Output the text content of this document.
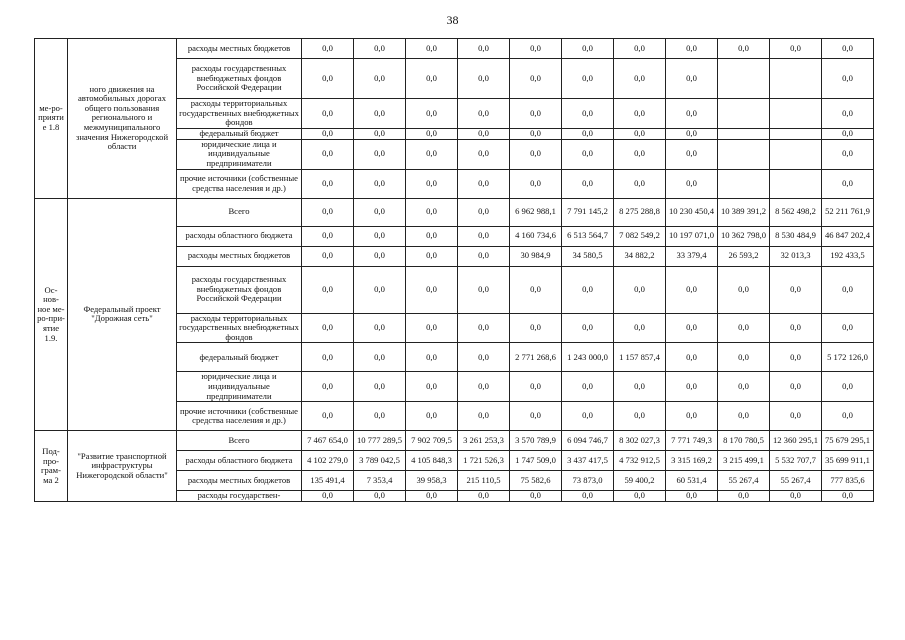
38
ме-ро-приятие 1.8	ного движения на автомобильных дорогах общего пользования регионального и межмуниципального значения Нижегородской области	расходы местных бюджетов	0,0	0,0	0,0	0,0	0,0	0,0	0,0	0,0	0,0	0,0	0,0
		расходы государственных внебюджетных фондов Российской Федерации	0,0	0,0	0,0	0,0	0,0	0,0	0,0	0,0			0,0
		расходы территориальных государственных внебюджетных фондов	0,0	0,0	0,0	0,0	0,0	0,0	0,0	0,0			0,0
		федеральный бюджет	0,0	0,0	0,0	0,0	0,0	0,0	0,0	0,0			0,0
		юридические лица и индивидуальные предприниматели	0,0	0,0	0,0	0,0	0,0	0,0	0,0	0,0			0,0
		прочие источники (собственные средства населения и др.)	0,0	0,0	0,0	0,0	0,0	0,0	0,0	0,0			0,0
Ос-нов-ное ме-ро-при-ятие 1.9.	Федеральный проект "Дорожная сеть"	Всего	0,0	0,0	0,0	0,0	6 962 988,1	7 791 145,2	8 275 288,8	10 230 450,4	10 389 391,2	8 562 498,2	52 211 761,9
		расходы областного бюджета	0,0	0,0	0,0	0,0	4 160 734,6	6 513 564,7	7 082 549,2	10 197 071,0	10 362 798,0	8 530 484,9	46 847 202,4
		расходы местных бюджетов	0,0	0,0	0,0	0,0	30 984,9	34 580,5	34 882,2	33 379,4	26 593,2	32 013,3	192 433,5
		расходы государственных внебюджетных фондов Российской Федерации	0,0	0,0	0,0	0,0	0,0	0,0	0,0	0,0	0,0	0,0	0,0
		расходы территориальных государственных внебюджетных фондов	0,0	0,0	0,0	0,0	0,0	0,0	0,0	0,0	0,0	0,0	0,0
		федеральный бюджет	0,0	0,0	0,0	0,0	2 771 268,6	1 243 000,0	1 157 857,4	0,0	0,0	0,0	5 172 126,0
		юридические лица и индивидуальные предприниматели	0,0	0,0	0,0	0,0	0,0	0,0	0,0	0,0	0,0	0,0	0,0
		прочие источники (собственные средства населения и др.)	0,0	0,0	0,0	0,0	0,0	0,0	0,0	0,0	0,0	0,0	0,0
Под-про-грам-ма 2	"Развитие транспортной инфраструктуры Нижегородской области"	Всего	7 467 654,0	10 777 289,5	7 902 709,5	3 261 253,3	3 570 789,9	6 094 746,7	8 302 027,3	7 771 749,3	8 170 780,5	12 360 295,1	75 679 295,1
		расходы областного бюджета	4 102 279,0	3 789 042,5	4 105 848,3	1 721 526,3	1 747 509,0	3 437 417,5	4 732 912,5	3 315 169,2	3 215 499,1	5 532 707,7	35 699 911,1
		расходы местных бюджетов	135 491,4	7 353,4	39 958,3	215 110,5	75 582,6	73 873,0	59 400,2	60 531,4	55 267,4	55 267,4	777 835,6
		расходы государствен-	0,0	0,0	0,0	0,0	0,0	0,0	0,0	0,0	0,0	0,0	0,0
